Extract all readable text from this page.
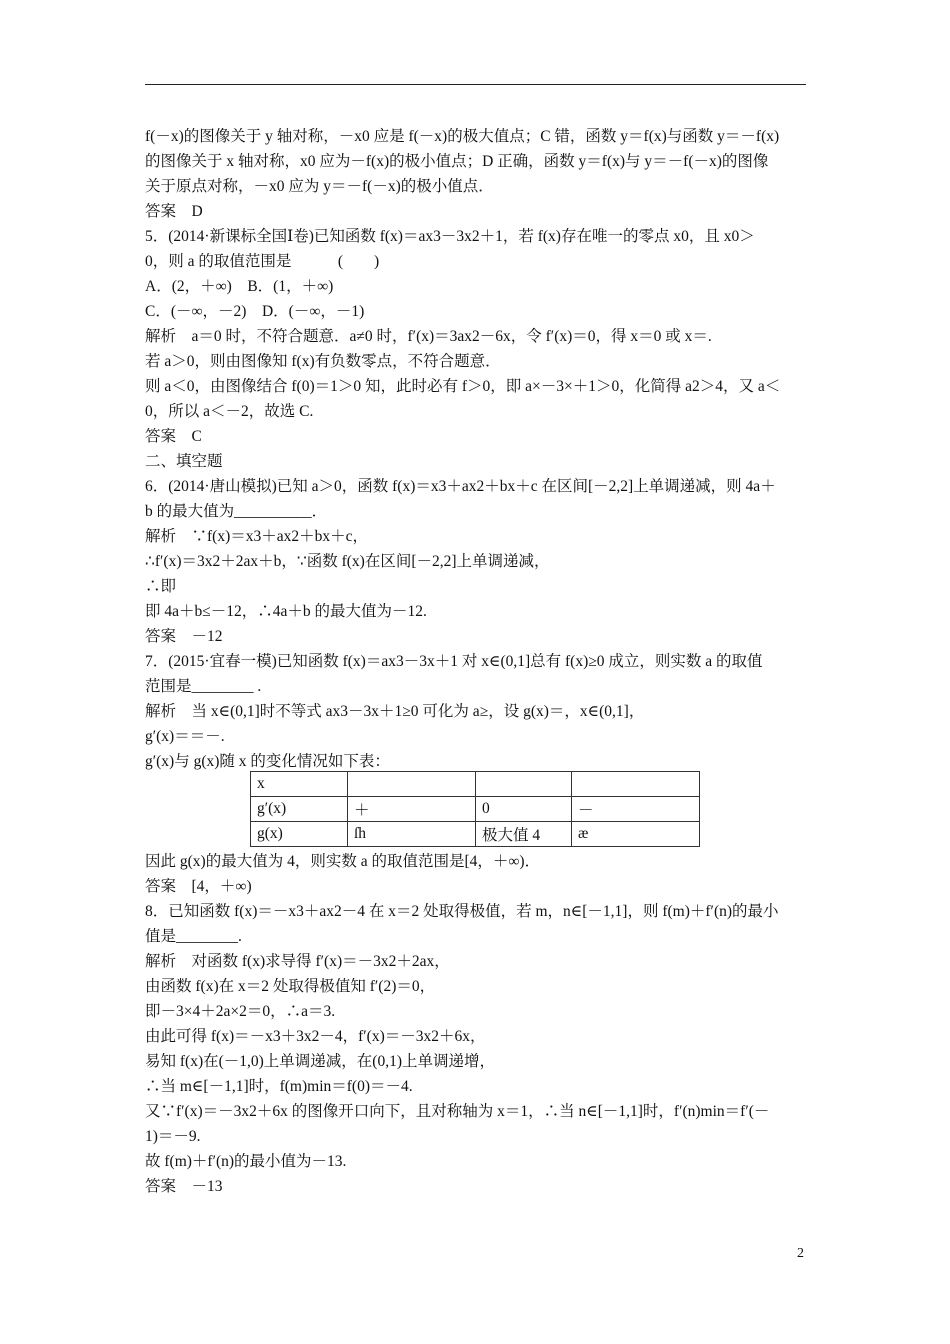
f(－x)的图像关于 y 轴对称，－x0 应是 f(－x)的极大值点；C 错，函数 y＝f(x)与函数 y＝－f(x)
的图像关于 x 轴对称，x0 应为－f(x)的极小值点；D 正确，函数 y＝f(x)与 y＝－f(－x)的图像
关于原点对称，－x0 应为 y＝－f(－x)的极小值点．
答案　D
5．(2014·新课标全国Ⅰ卷)已知函数 f(x)＝ax3－3x2＋1，若 f(x)存在唯一的零点 x0，且 x0＞
0，则 a 的取值范围是　　　(　　)
A．(2，＋∞)　B．(1，＋∞)
C．(－∞，－2)　D．(－∞，－1)
解析　a＝0 时，不符合题意．a≠0 时，f′(x)＝3ax2－6x，令 f′(x)＝0，得 x＝0 或 x＝.
若 a＞0，则由图像知 f(x)有负数零点，不符合题意．
则 a＜0，由图像结合 f(0)＝1＞0 知，此时必有 f＞0，即 a×－3×＋1＞0，化简得 a2＞4，又 a＜
0，所以 a＜－2，故选 C.
答案　C
二、填空题
6．(2014·唐山模拟)已知 a＞0，函数 f(x)＝x3＋ax2＋bx＋c 在区间[－2,2]上单调递减，则 4a＋
b 的最大值为__________．
解析　∵f(x)＝x3＋ax2＋bx＋c，
∴f′(x)＝3x2＋2ax＋b，∵函数 f(x)在区间[－2,2]上单调递减，
∴即
即 4a＋b≤－12，∴4a＋b 的最大值为－12.
答案　－12
7．(2015·宜春一模)已知函数 f(x)＝ax3－3x＋1 对 x∈(0,1]总有 f(x)≥0 成立，则实数 a 的取值
范围是________ .
解析　当 x∈(0,1]时不等式 ax3－3x＋1≥0 可化为 a≥，设 g(x)＝，x∈(0,1]，
g′(x)＝＝－.
g′(x)与 g(x)随 x 的变化情况如下表：
x			
g′(x)	＋	0	－
g(x)	ſh	极大值 4	æ
因此 g(x)的最大值为 4，则实数 a 的取值范围是[4，＋∞)．
答案　[4，＋∞)
8．已知函数 f(x)＝－x3＋ax2－4 在 x＝2 处取得极值，若 m，n∈[－1,1]，则 f(m)＋f′(n)的最小
值是________.
解析　对函数 f(x)求导得 f′(x)＝－3x2＋2ax，
由函数 f(x)在 x＝2 处取得极值知 f′(2)＝0，
即－3×4＋2a×2＝0，∴a＝3.
由此可得 f(x)＝－x3＋3x2－4，f′(x)＝－3x2＋6x，
易知 f(x)在(－1,0)上单调递减，在(0,1)上单调递增，
∴当 m∈[－1,1]时，f(m)min＝f(0)＝－4.
又∵f′(x)＝－3x2＋6x 的图像开口向下，且对称轴为 x＝1，∴当 n∈[－1,1]时，f′(n)min＝f′(－
1)＝－9.
故 f(m)＋f′(n)的最小值为－13.
答案　－13
2
